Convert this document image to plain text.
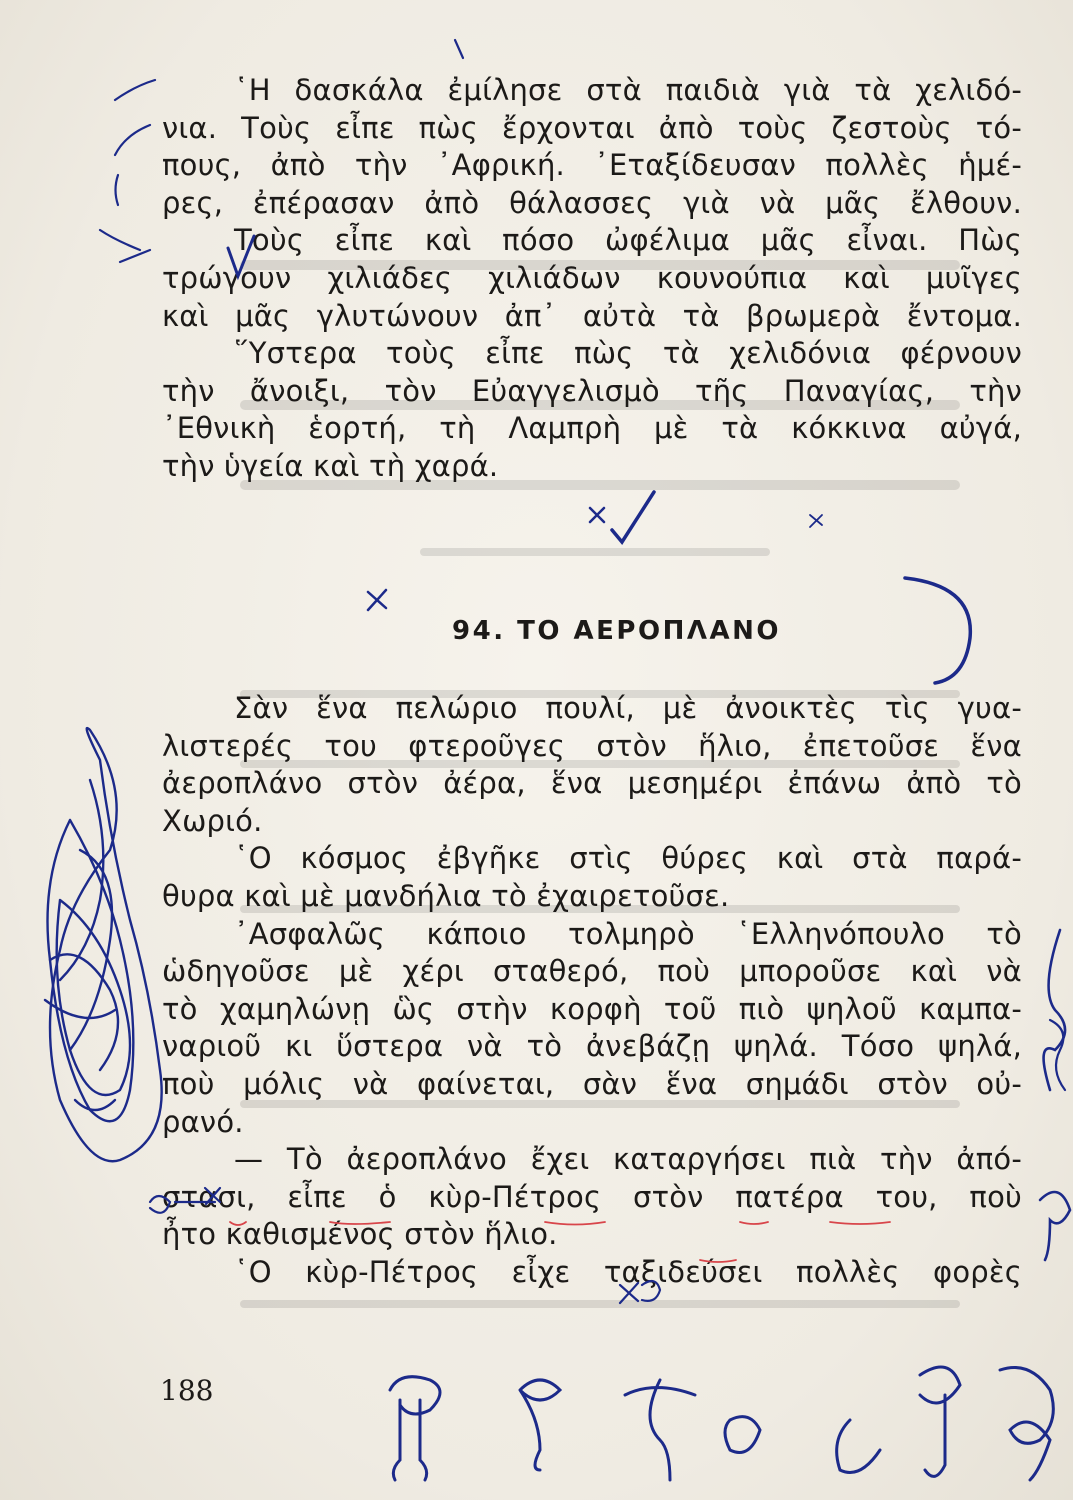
῾Η δασκάλα ἐμίλησε στὰ παιδιὰ γιὰ τὰ χελιδό-
νια. Τοὺς εἶπε πὼς ἔρχονται ἀπὸ τοὺς ζεστοὺς τό-
πους, ἀπὸ τὴν ᾽Αφρική. ᾽Εταξίδευσαν πολλὲς ἡμέ-
ρες, ἐπέρασαν ἀπὸ θάλασσες γιὰ νὰ μᾶς ἔλθουν.
Τοὺς εἶπε καὶ πόσο ὠφέλιμα μᾶς εἶναι. Πὼς
τρώγουν χιλιάδες χιλιάδων κουνούπια καὶ μυῖγες
καὶ μᾶς γλυτώνουν ἀπ᾽ αὐτὰ τὰ βρωμερὰ ἔντομα.
῞Υστερα τοὺς εἶπε πὼς τὰ χελιδόνια φέρνουν
τὴν ἄνοιξι, τὸν Εὐαγγελισμὸ τῆς Παναγίας, τὴν
᾽Εθνικὴ ἑορτή, τὴ Λαμπρὴ μὲ τὰ κόκκινα αὐγά,
τὴν ὑγεία καὶ τὴ χαρά.
94. ΤΟ ΑΕΡΟΠΛΑΝΟ
Σὰν ἕνα πελώριο πουλί, μὲ ἀνοικτὲς τὶς γυα-
λιστερές του φτεροῦγες στὸν ἥλιο, ἐπετοῦσε ἕνα
ἀεροπλάνο στὸν ἀέρα, ἕνα μεσημέρι ἐπάνω ἀπὸ τὸ
Χωριό.
῾Ο κόσμος ἐβγῆκε στὶς θύρες καὶ στὰ παρά-
θυρα καὶ μὲ μανδήλια τὸ ἐχαιρετοῦσε.
᾽Ασφαλῶς κάποιο τολμηρὸ ῾Ελληνόπουλο τὸ
ὡδηγοῦσε μὲ χέρι σταθερό, ποὺ μποροῦσε καὶ νὰ
τὸ χαμηλώνῃ ὣς στὴν κορφὴ τοῦ πιὸ ψηλοῦ καμπα-
ναριοῦ κι ὕστερα νὰ τὸ ἀνεβάζῃ ψηλά. Τόσο ψηλά,
ποὺ μόλις νὰ φαίνεται, σὰν ἕνα σημάδι στὸν οὐ-
ρανό.
— Τὸ ἀεροπλάνο ἔχει καταργήσει πιὰ τὴν ἀπό-
στασι, εἶπε ὁ κὺρ-Πέτρος στὸν πατέρα του, ποὺ
ἦτο καθισμένος στὸν ἥλιο.
῾Ο κὺρ-Πέτρος εἶχε ταξιδεύσει πολλὲς φορὲς
188
